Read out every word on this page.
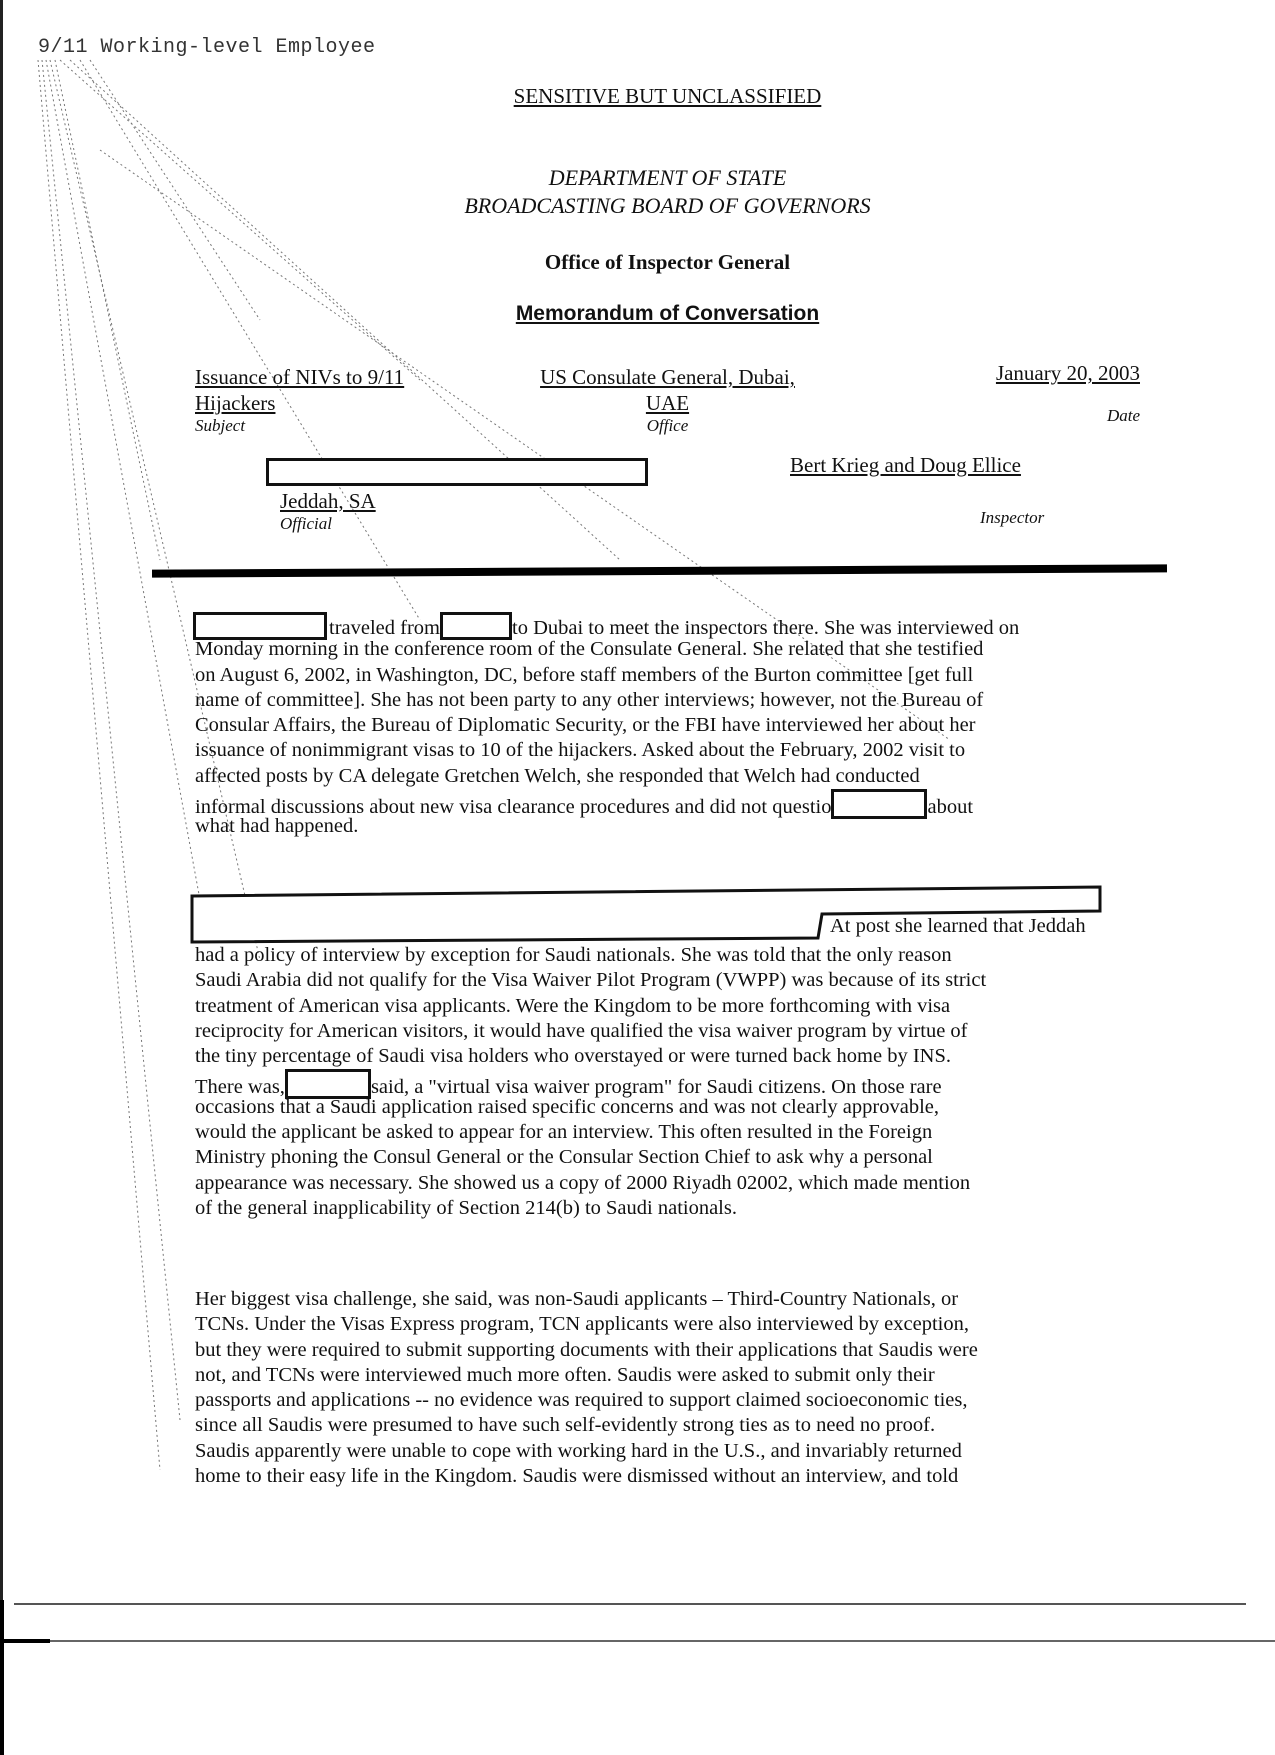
9/11 Working-level Employee
SENSITIVE BUT UNCLASSIFIED
DEPARTMENT OF STATE
BROADCASTING BOARD OF GOVERNORS
Office of Inspector General
Memorandum of Conversation
Issuance of NIVs to 9/11
Hijackers
Subject
US Consulate General, Dubai,
UAE
Office
January 20, 2003
Date
Jeddah, SA
Official
Bert Krieg and Doug Ellice
Inspector
traveled from	to Dubai to meet the inspectors there. She was interviewed on
Monday morning in the conference room of the Consulate General. She related that she testified
on August 6, 2002, in Washington, DC, before staff members of the Burton committee [get full
name of committee]. She has not been party to any other interviews; however, not the Bureau of
Consular Affairs, the Bureau of Diplomatic Security, or the FBI have interviewed her about her
issuance of nonimmigrant visas to 10 of the hijackers. Asked about the February, 2002 visit to
affected posts by CA delegate Gretchen Welch, she responded that Welch had conducted
informal discussions about new visa clearance procedures and did not questio	about
what had happened.
At post she learned that Jeddah
had a policy of interview by exception for Saudi nationals. She was told that the only reason
Saudi Arabia did not qualify for the Visa Waiver Pilot Program (VWPP) was because of its strict
treatment of American visa applicants. Were the Kingdom to be more forthcoming with visa
reciprocity for American visitors, it would have qualified the visa waiver program by virtue of
the tiny percentage of Saudi visa holders who overstayed or were turned back home by INS.
There was,	said, a "virtual visa waiver program" for Saudi citizens. On those rare
occasions that a Saudi application raised specific concerns and was not clearly approvable,
would the applicant be asked to appear for an interview. This often resulted in the Foreign
Ministry phoning the Consul General or the Consular Section Chief to ask why a personal
appearance was necessary. She showed us a copy of 2000 Riyadh 02002, which made mention
of the general inapplicability of Section 214(b) to Saudi nationals.
Her biggest visa challenge, she said, was non-Saudi applicants – Third-Country Nationals, or
TCNs. Under the Visas Express program, TCN applicants were also interviewed by exception,
but they were required to submit supporting documents with their applications that Saudis were
not, and TCNs were interviewed much more often. Saudis were asked to submit only their
passports and applications -- no evidence was required to support claimed socioeconomic ties,
since all Saudis were presumed to have such self-evidently strong ties as to need no proof.
Saudis apparently were unable to cope with working hard in the U.S., and invariably returned
home to their easy life in the Kingdom. Saudis were dismissed without an interview, and told
